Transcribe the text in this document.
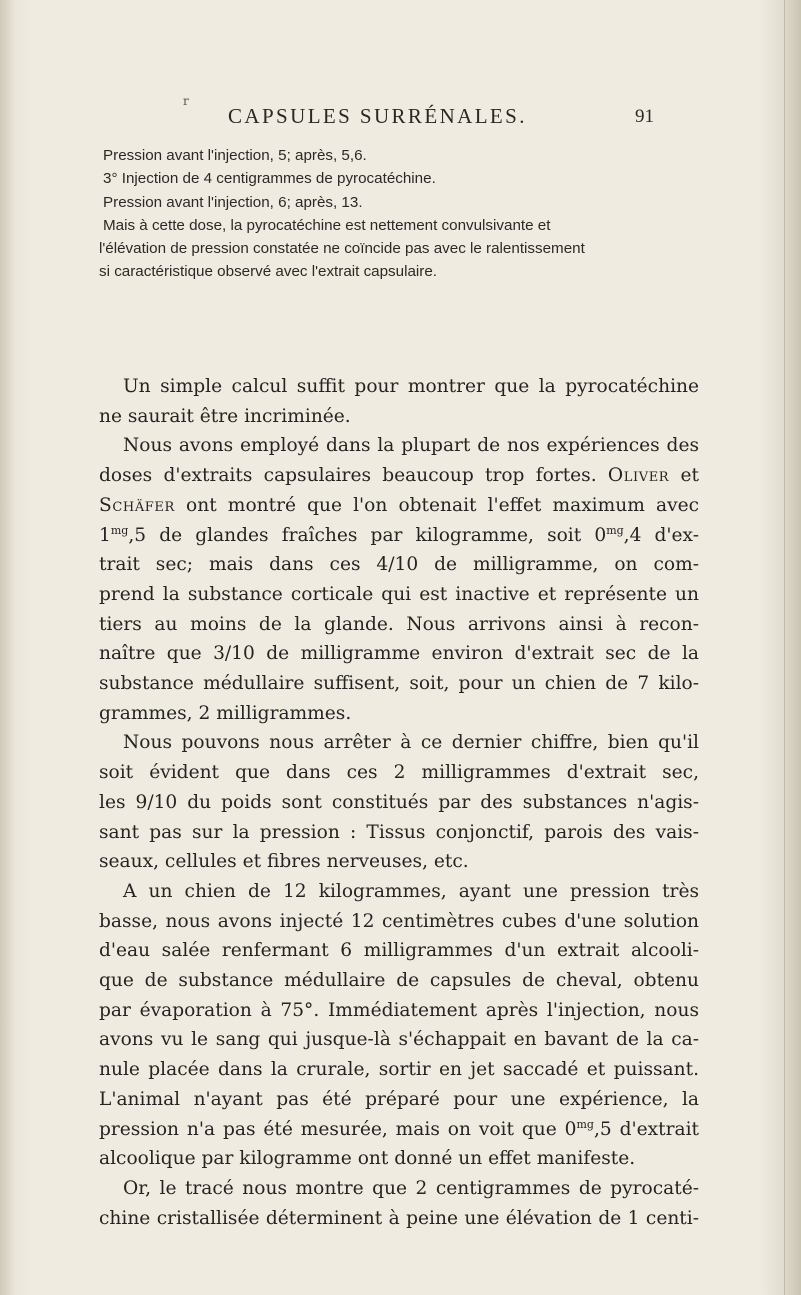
r
CAPSULES SURRÉNALES.	91

Pression avant l'injection, 5; après, 5,6.

3° Injection de 4 centigrammes de pyrocatéchine.

Pression avant l'injection, 6; après, 13.

Mais à cette dose, la pyrocatéchine est nettement convulsivante et

l'élévation de pression constatée ne coïncide pas avec le ralentissement

si caractéristique observé avec l'extrait capsulaire.

Un simple calcul suffit pour montrer que la pyrocatéchine
ne saurait être incriminée.
Nous avons employé dans la plupart de nos expériences des
doses d'extraits capsulaires beaucoup trop fortes. Oliver et
Schäfer ont montré que l'on obtenait l'effet maximum avec
$1^{mg},5$ de glandes fraîches par kilogramme, soit $0^{mg},4$ d'ex-
trait sec; mais dans ces 4/10 de milligramme, on com-
prend la substance corticale qui est inactive et représente un
tiers au moins de la glande. Nous arrivons ainsi à recon-
naître que 3/10 de milligramme environ d'extrait sec de la
substance médullaire suffisent, soit, pour un chien de 7 kilo-
grammes, 2 milligrammes.
Nous pouvons nous arrêter à ce dernier chiffre, bien qu'il
soit évident que dans ces 2 milligrammes d'extrait sec,
les 9/10 du poids sont constitués par des substances n'agis-
sant pas sur la pression : Tissus conjonctif, parois des vais-
seaux, cellules et fibres nerveuses, etc.
A un chien de 12 kilogrammes, ayant une pression très
basse, nous avons injecté 12 centimètres cubes d'une solution
d'eau salée renfermant 6 milligrammes d'un extrait alcooli-
que de substance médullaire de capsules de cheval, obtenu
par évaporation à 75°. Immédiatement après l'injection, nous
avons vu le sang qui jusque-là s'échappait en bavant de la ca-
nule placée dans la crurale, sortir en jet saccadé et puissant.
L'animal n'ayant pas été préparé pour une expérience, la
pression n'a pas été mesurée, mais on voit que $0^{mg},5$ d'extrait
alcoolique par kilogramme ont donné un effet manifeste.
Or, le tracé nous montre que 2 centigrammes de pyrocaté-
chine cristallisée déterminent à peine une élévation de 1 centi-
